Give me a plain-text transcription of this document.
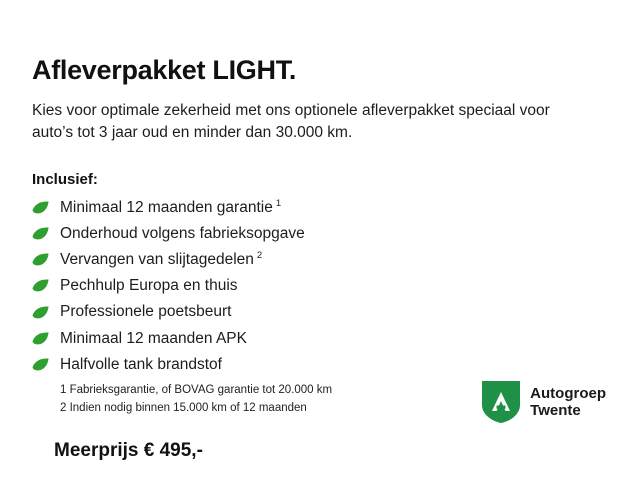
Afleverpakket LIGHT.

Kies voor optimale zekerheid met ons optionele afleverpakket speciaal voor auto’s tot 3 jaar oud en minder dan 30.000 km.

Inclusief:
Minimaal 12 maanden garantie $^1$
Onderhoud volgens fabrieksopgave
Vervangen van slijtagedelen $^2$
Pechhulp Europa en thuis
Professionele poetsbeurt
Minimaal 12 maanden APK
Halfvolle tank brandstof
1 Fabrieksgarantie, of BOVAG garantie tot 20.000 km
2 Indien nodig binnen 15.000 km of 12 maanden
Meerprijs € 495,-
Autogroep
Twente
